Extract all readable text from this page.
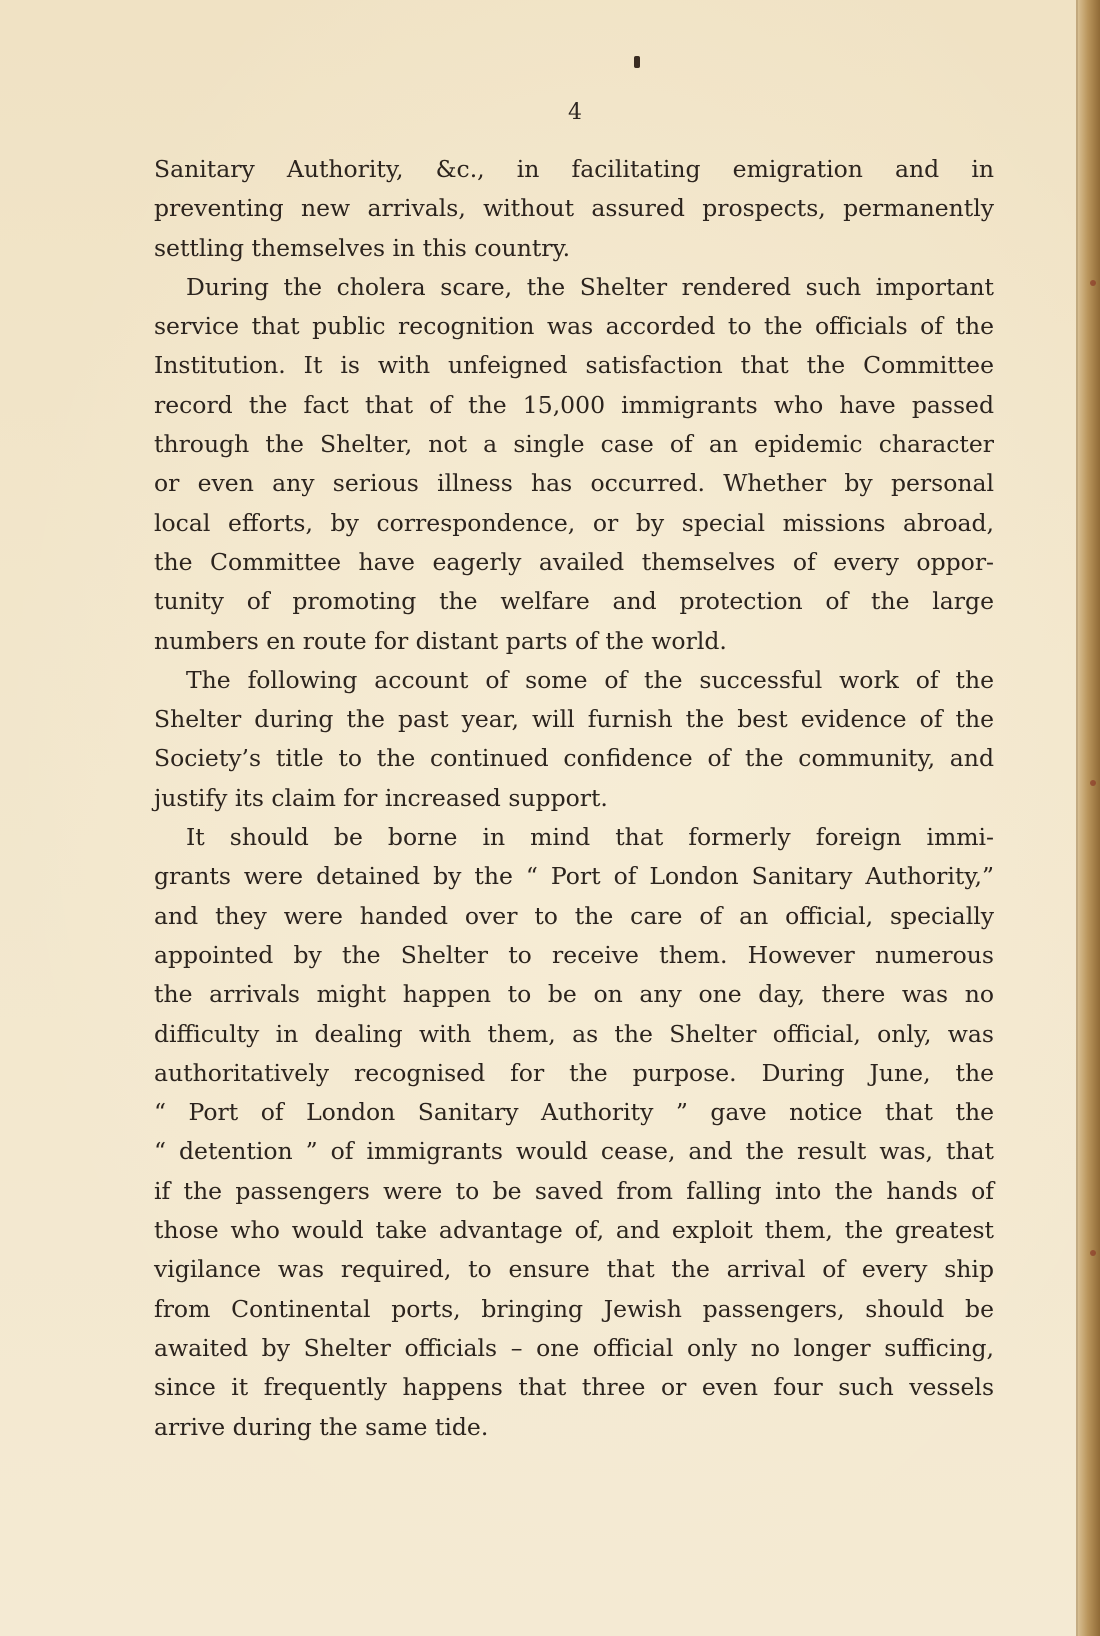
4
Sanitary Authority, &c., in facilitating emigration and in
preventing new arrivals, without assured prospects, permanently
settling themselves in this country.
During the cholera scare, the Shelter rendered such important
service that public recognition was accorded to the officials of the
Institution. It is with unfeigned satisfaction that the Committee
record the fact that of the 15,000 immigrants who have passed
through the Shelter, not a single case of an epidemic character
or even any serious illness has occurred. Whether by personal
local efforts, by correspondence, or by special missions abroad,
the Committee have eagerly availed themselves of every oppor-
tunity of promoting the welfare and protection of the large
numbers en route for distant parts of the world.
The following account of some of the successful work of the
Shelter during the past year, will furnish the best evidence of the
Society’s title to the continued confidence of the community, and
justify its claim for increased support.
It should be borne in mind that formerly foreign immi-
grants were detained by the “ Port of London Sanitary Authority,”
and they were handed over to the care of an official, specially
appointed by the Shelter to receive them. However numerous
the arrivals might happen to be on any one day, there was no
difficulty in dealing with them, as the Shelter official, only, was
authoritatively recognised for the purpose. During June, the
“ Port of London Sanitary Authority ” gave notice that the
“ detention ” of immigrants would cease, and the result was, that
if the passengers were to be saved from falling into the hands of
those who would take advantage of, and exploit them, the greatest
vigilance was required, to ensure that the arrival of every ship
from Continental ports, bringing Jewish passengers, should be
awaited by Shelter officials – one official only no longer sufficing,
since it frequently happens that three or even four such vessels
arrive during the same tide.
